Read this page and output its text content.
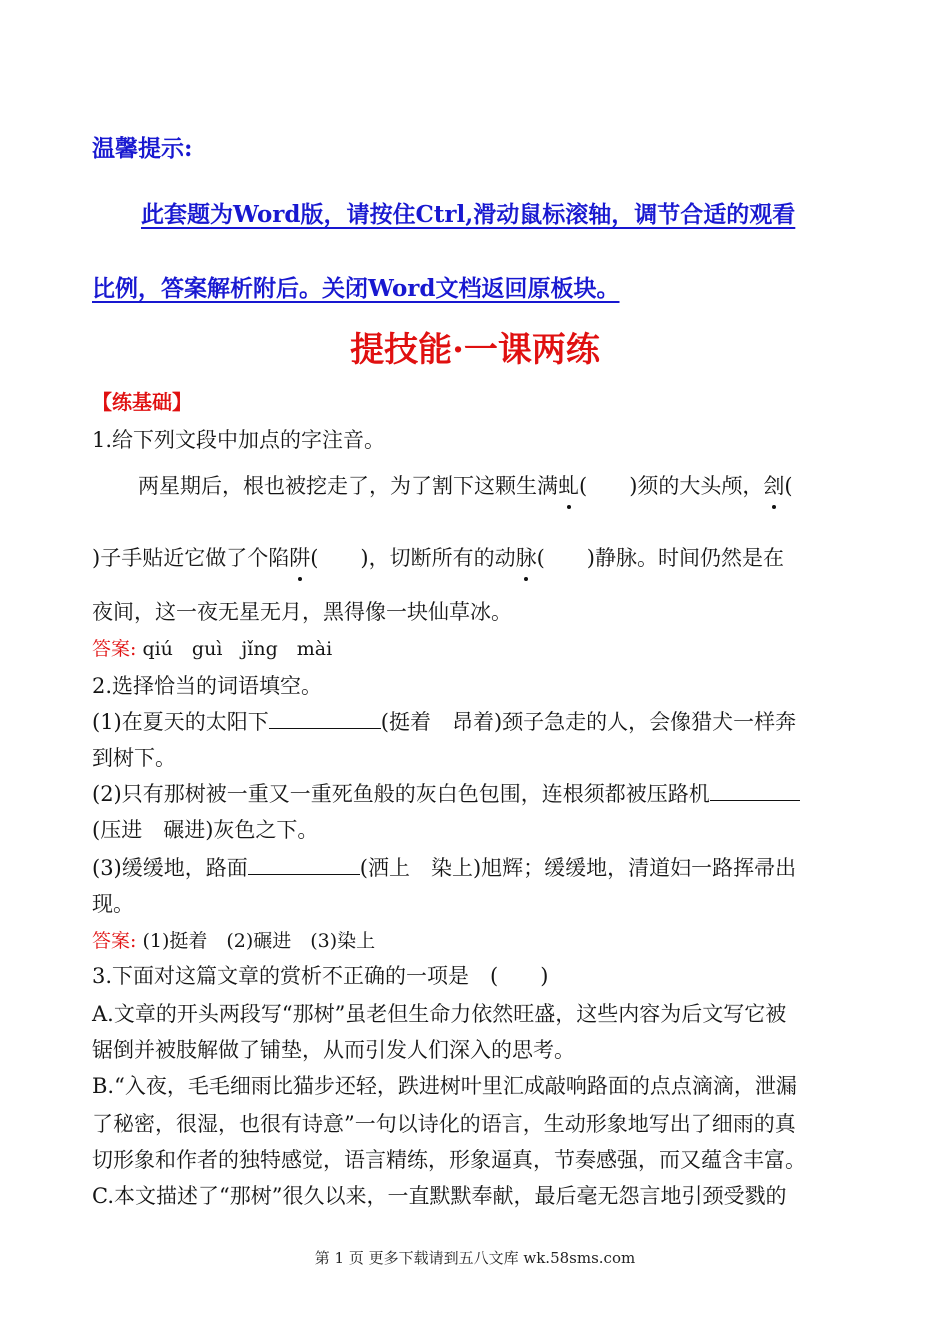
温馨提示:
此套题为Word版，请按住Ctrl,滑动鼠标滚轴，调节合适的观看
比例，答案解析附后。关闭Word文档返回原板块。
提技能·一课两练
【练基础】
1.给下列文段中加点的字注音。
两星期后，根也被挖走了，为了割下这颗生满虬(　　)须的大头颅，刽(
)子手贴近它做了个陷阱(　　)，切断所有的动脉(　　)静脉。时间仍然是在
夜间，这一夜无星无月，黑得像一块仙草冰。
答案: qiú　guì　jǐng　mài
2.选择恰当的词语填空。
(1)在夏天的太阳下	(挺着　昂着)颈子急走的人，会像猎犬一样奔
到树下。
(2)只有那树被一重又一重死鱼般的灰白色包围，连根须都被压路机
(压进　碾进)灰色之下。
(3)缓缓地，路面	(洒上　染上)旭辉；缓缓地，清道妇一路挥帚出
现。
答案: (1)挺着　(2)碾进　(3)染上
3.下面对这篇文章的赏析不正确的一项是　(　　)
A.文章的开头两段写“那树”虽老但生命力依然旺盛，这些内容为后文写它被
锯倒并被肢解做了铺垫，从而引发人们深入的思考。
B.“入夜，毛毛细雨比猫步还轻，跌进树叶里汇成敲响路面的点点滴滴，泄漏
了秘密，很湿，也很有诗意”一句以诗化的语言，生动形象地写出了细雨的真
切形象和作者的独特感觉，语言精练，形象逼真，节奏感强，而又蕴含丰富。
C.本文描述了“那树”很久以来，一直默默奉献，最后毫无怨言地引颈受戮的
第 1 页 更多下载请到五八文库 wk.58sms.com
